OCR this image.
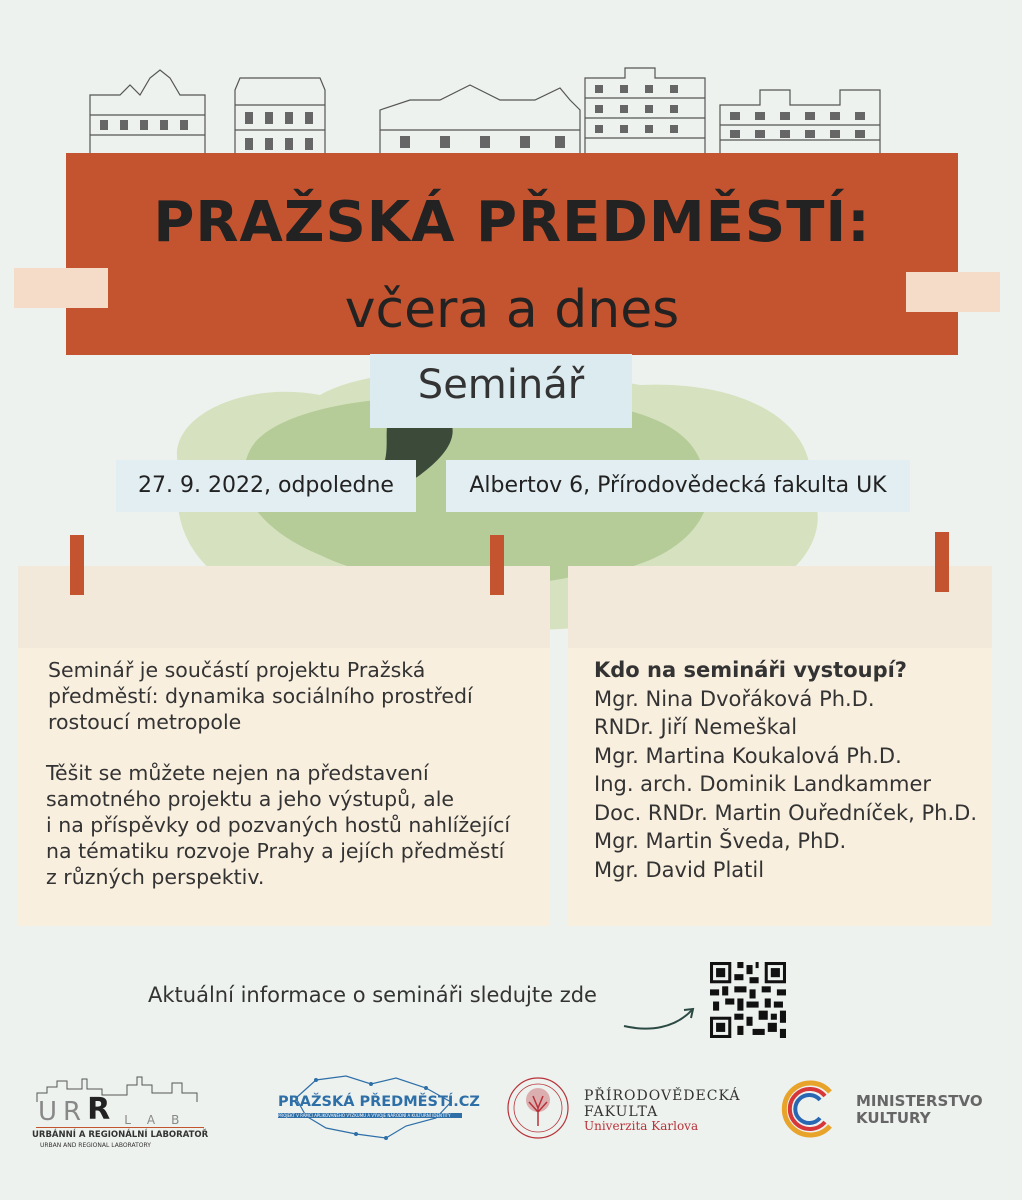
PRAŽSKÁ PŘEDMĚSTÍ:
včera a dnes
Seminář
27. 9. 2022, odpoledne	Albertov 6, Přírodovědecká fakulta UK
Seminář je součástí projektu Pražská
předměstí: dynamika sociálního prostředí
rostoucí metropole
Těšit se můžete nejen na představení
samotného projektu a jeho výstupů, ale
i na příspěvky od pozvaných hostů nahlížející
na tématiku rozvoje Prahy a jejích předměstí
z různých perspektiv.
Kdo na semináři vystoupí?
Mgr. Nina Dvořáková Ph.D.
RNDr. Jiří Nemeškal
Mgr. Martina Koukalová Ph.D.
Ing. arch. Dominik Landkammer
Doc. RNDr. Martin Ouředníček, Ph.D.
Mgr. Martin Šveda, PhD.
Mgr. David Platil
Aktuální informace o semináři sledujte zde
U R R L A B
URBÁNNÍ A REGIONÁLNÍ LABORATOŘ
URBAN AND REGIONAL LABORATORY
PRAŽSKÁ PŘEDMĚSTÍ.CZ
PROJEKT V RÁMCI APLIKOVANÉHO VÝZKUMU A VÝVOJE NÁRODNÍ A KULTURNÍ IDENTITY
PŘÍRODOVĚDECKÁ
FAKULTA
Univerzita Karlova
MINISTERSTVO
KULTURY
